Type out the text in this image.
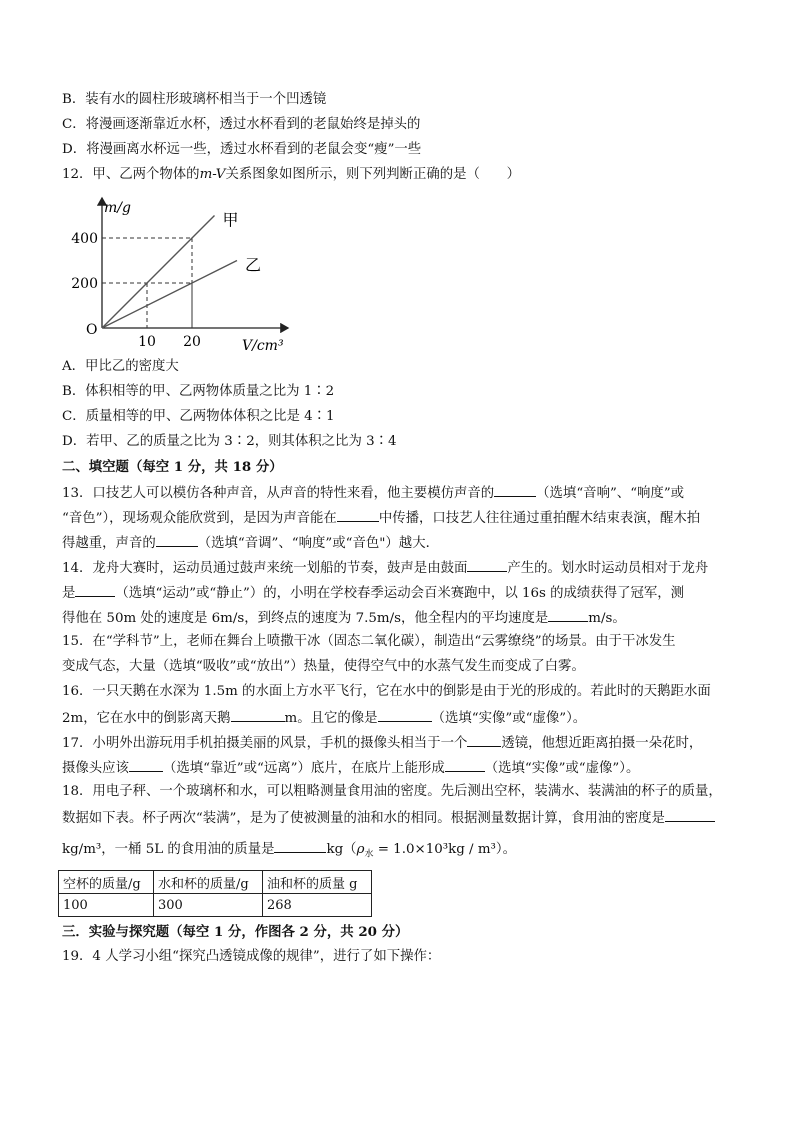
B．装有水的圆柱形玻璃杯相当于一个凹透镜
C．将漫画逐渐靠近水杯，透过水杯看到的老鼠始终是掉头的
D．将漫画离水杯远一些，透过水杯看到的老鼠会变“瘦”一些
12．甲、乙两个物体的m-V关系图象如图所示，则下列判断正确的是（　　）
m/g
V/cm³
O
10 20
200
400
甲
乙
A．甲比乙的密度大
B．体积相等的甲、乙两物体质量之比为 1∶2
C．质量相等的甲、乙两物体体积之比是 4∶1
D．若甲、乙的质量之比为 3∶2，则其体积之比为 3∶4
二、填空题（每空 1 分，共 18 分）
13．口技艺人可以模仿各种声音，从声音的特性来看，他主要模仿声音的	（选填“音响”、“响度”或
“音色”），现场观众能欣赏到，是因为声音能在	中传播，口技艺人往往通过重拍醒木结束表演，醒木拍
得越重，声音的	（选填“音调”、“响度”或“音色"）越大．
14．龙舟大赛时，运动员通过鼓声来统一划船的节奏，鼓声是由鼓面	产生的。划水时运动员相对于龙舟
是	（选填“运动”或“静止”）的，小明在学校春季运动会百米赛跑中，以 16s 的成绩获得了冠军，测
得他在 50m 处的速度是 6m/s，到终点的速度为 7.5m/s，他全程内的平均速度是	m/s。
15．在“学科节”上，老师在舞台上喷撒干冰（固态二氧化碳），制造出“云雾缭绕”的场景。由于干冰发生
变成气态，大量（选填“吸收”或“放出”）热量，使得空气中的水蒸气发生而变成了白雾。
16．一只天鹅在水深为 1.5m 的水面上方水平飞行，它在水中的倒影是由于光的形成的。若此时的天鹅距水面
2m，它在水中的倒影离天鹅	m。且它的像是	（选填“实像”或“虚像”）。
17．小明外出游玩用手机拍摄美丽的风景，手机的摄像头相当于一个	透镜，他想近距离拍摄一朵花时，
摄像头应该	（选填“靠近”或“远离”）底片，在底片上能形成	（选填“实像”或“虚像”）。
18．用电子秤、一个玻璃杯和水，可以粗略测量食用油的密度。先后测出空杯，装满水、装满油的杯子的质量，
数据如下表。杯子两次“装满”，是为了使被测量的油和水的相同。根据测量数据计算，食用油的密度是
kg/m³，一桶 5L 的食用油的质量是	$kg(\rho_水 = 1.0\times 10^3kg / m^3)$。
空杯的质量/g	水和杯的质量/g	油和杯的质量 g
100	300	268
三．实验与探究题（每空 1 分，作图各 2 分，共 20 分）
19．4 人学习小组“探究凸透镜成像的规律”，进行了如下操作：
